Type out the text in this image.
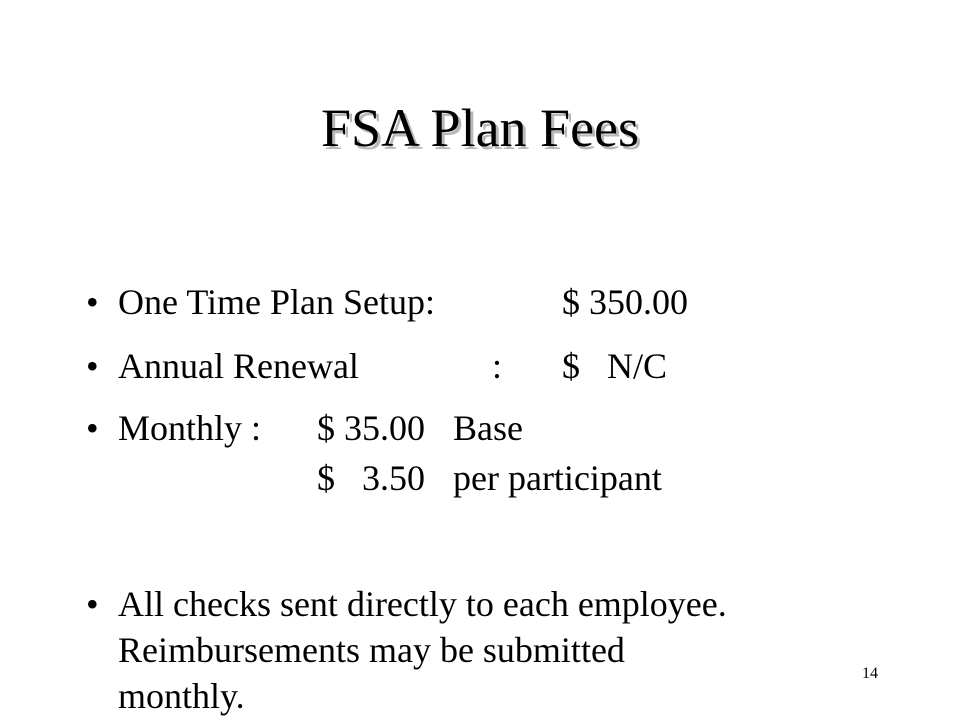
FSA Plan Fees
• One Time Plan Setup:	$ 350.00
• Annual Renewal	: $   N/C
• Monthly : $ 35.00 Base
$   3.50 per participant
• All checks sent directly to each employee.
Reimbursements may be submitted
monthly.
14
